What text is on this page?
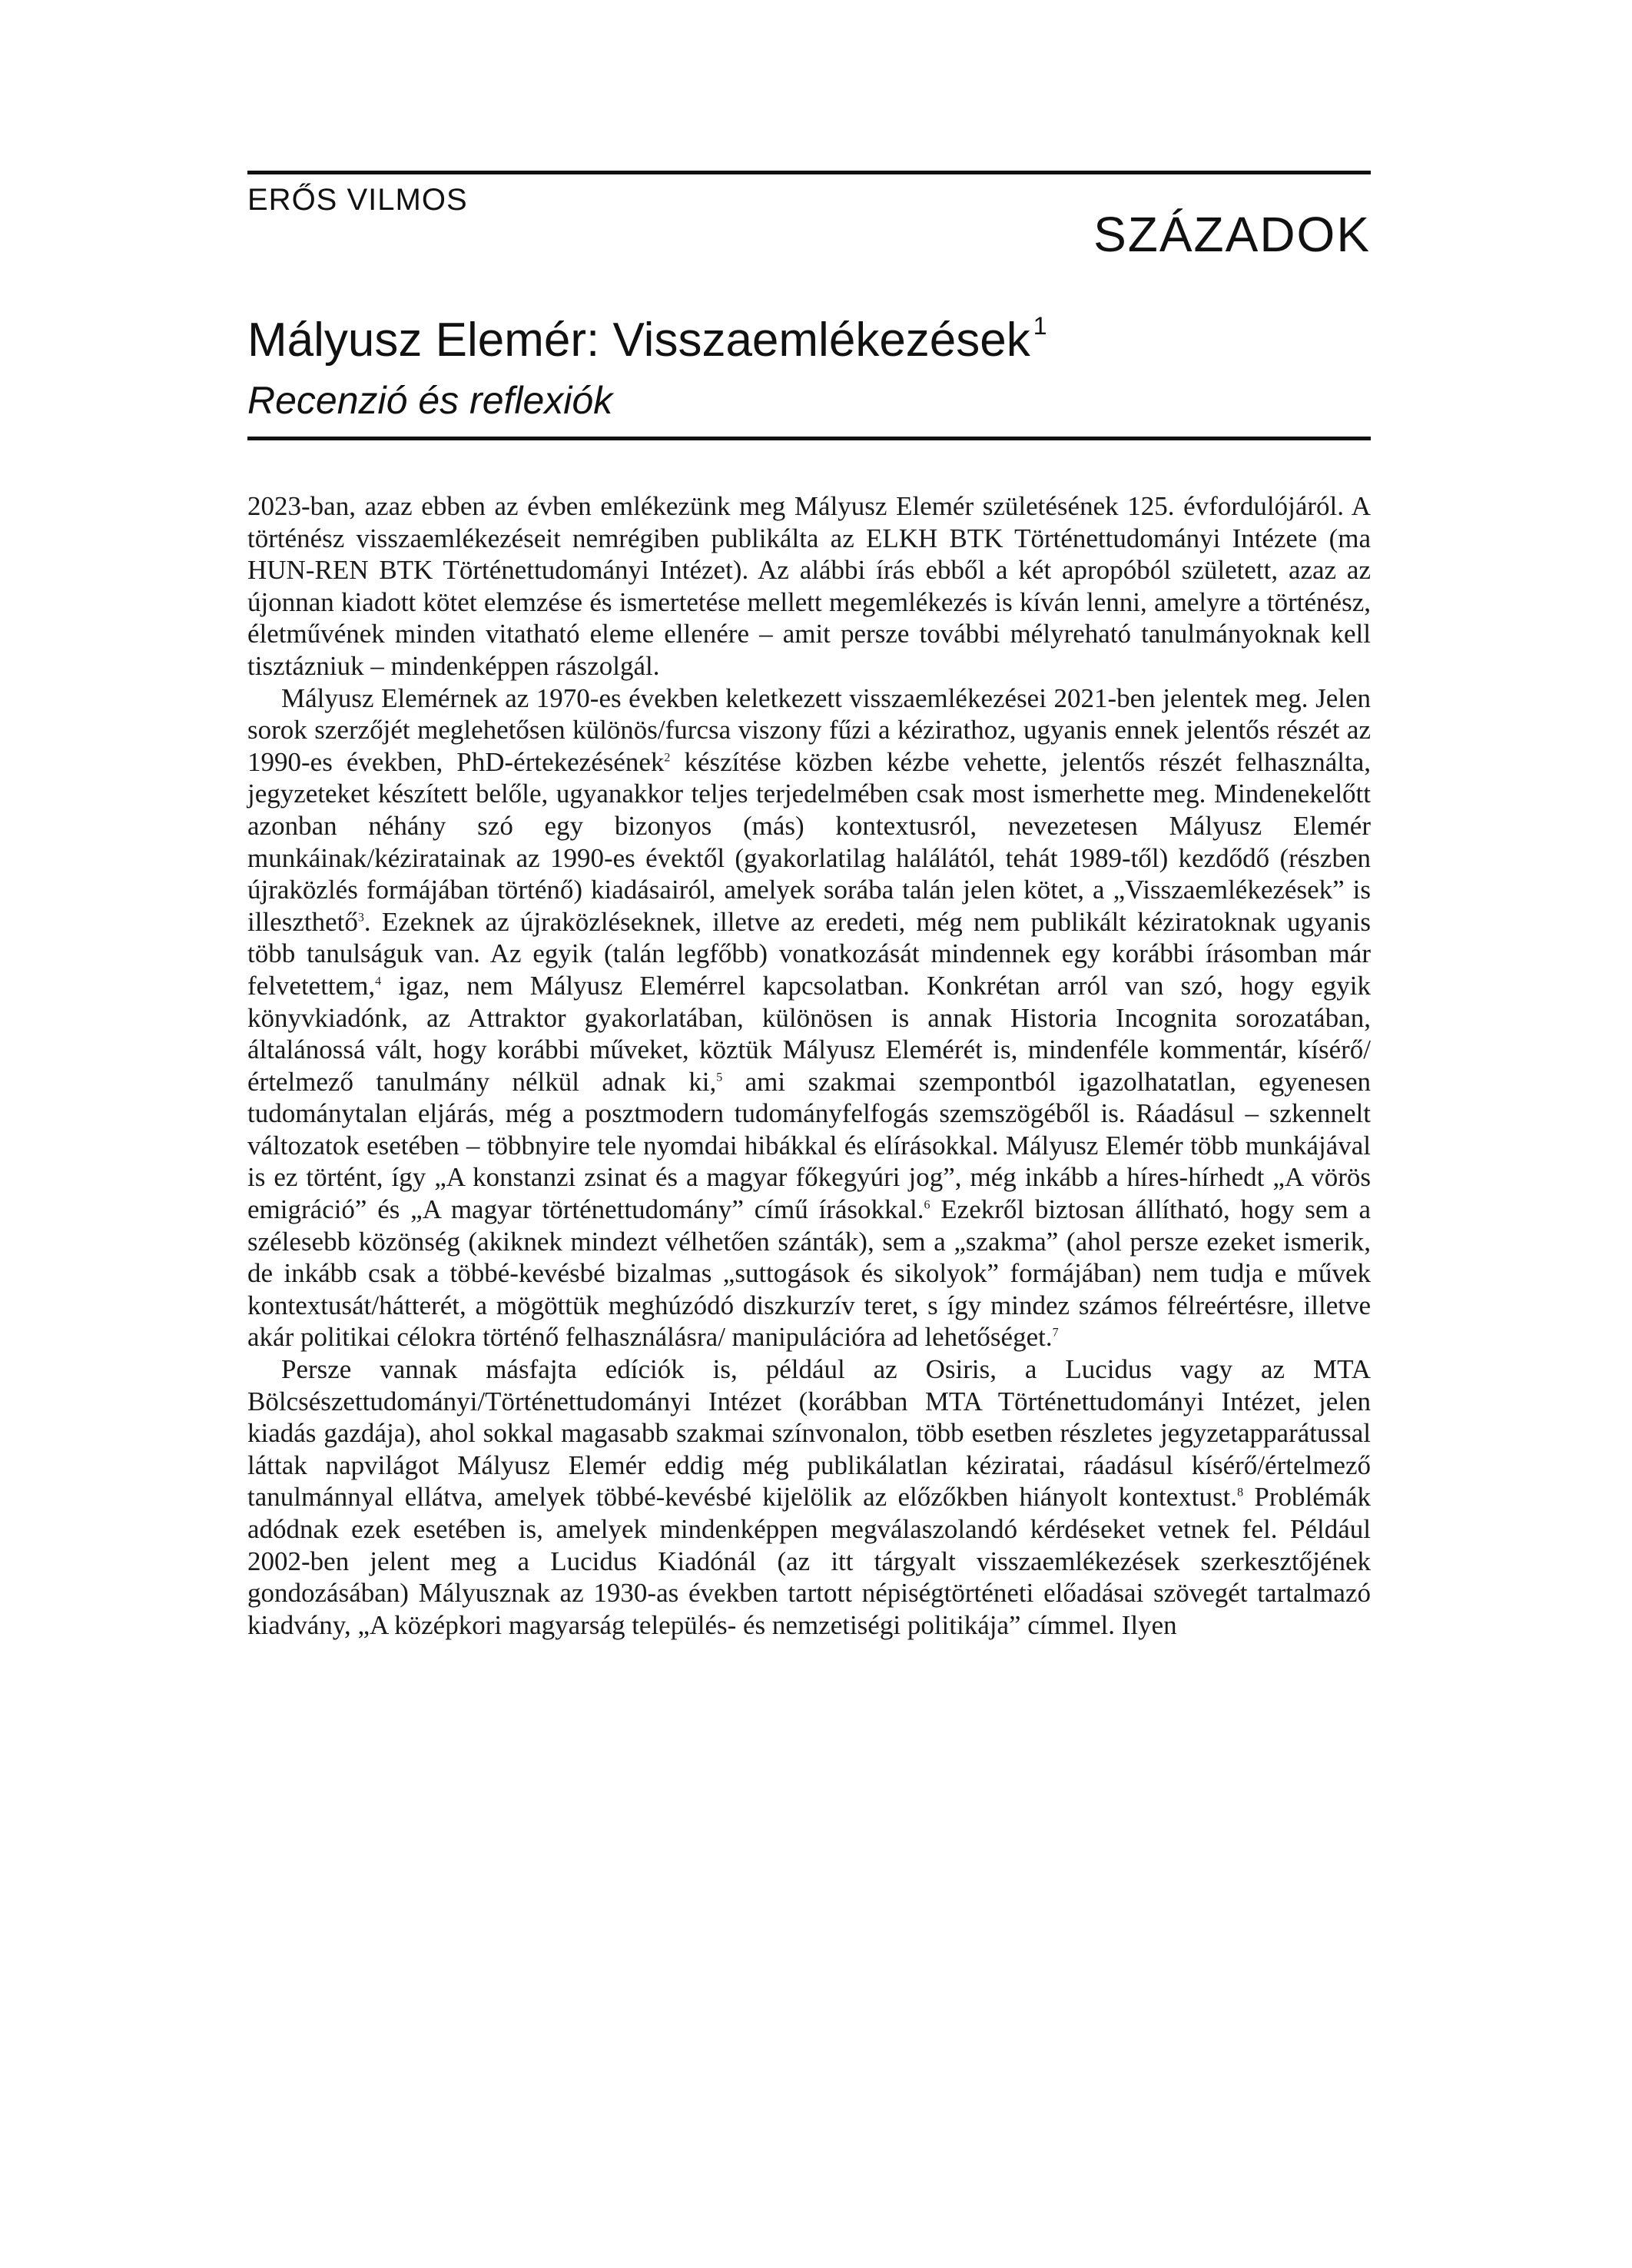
ERŐS VILMOS
SZÁZADOK
Mályusz Elemér: Visszaemlékezések $^1$
Recenzió és reflexiók

2023-ban, azaz ebben az évben emlékezünk meg Mályusz Elemér születésének 125. évfordulójáról. A történész visszaemlékezéseit nemrégiben publikálta az ELKH BTK Történettudományi Intézete (ma HUN-REN BTK Történettudományi Intézet). Az alábbi írás ebből a két apropóból született, azaz az újonnan kiadott kötet elemzése és ismertetése mellett megemlékezés is kíván lenni, amelyre a történész, életművének minden vitatható eleme ellenére – amit persze további mélyreható tanulmányoknak kell tisztázniuk – mindenképpen rászolgál.

Mályusz Elemérnek az 1970-es években keletkezett visszaemlékezései 2021-ben jelentek meg. Jelen sorok szerzőjét meglehetősen különös/furcsa viszony fűzi a kézirathoz, ugyanis ennek jelentős részét az 1990-es években, PhD-értekezésének$^2$ készítése közben kézbe vehette, jelentős részét felhasználta, jegyzeteket készített belőle, ugyanakkor teljes terjedelmében csak most ismerhette meg. Mindenekelőtt azonban néhány szó egy bizonyos (más) kontextusról, nevezetesen Mályusz Elemér munkáinak/kéziratainak az 1990-es évektől (gyakorlatilag halálától, tehát 1989-től) kezdődő (részben újraközlés formájában történő) kiadásairól, amelyek sorába talán jelen kötet, a „Visszaemlékezések” is illeszthető$^3$. Ezeknek az újraközléseknek, illetve az eredeti, még nem publikált kéziratoknak ugyanis több tanulságuk van. Az egyik (talán legfőbb) vonatkozását mindennek egy korábbi írásomban már felvetettem,$^4$ igaz, nem Mályusz Elemérrel kapcsolatban. Konkrétan arról van szó, hogy egyik könyvkiadónk, az Attraktor gyakorlatában, különösen is annak Historia Incognita sorozatában, általánossá vált, hogy korábbi műveket, köztük Mályusz Elemérét is, mindenféle kommentár, kísérő/értelmező tanulmány nélkül adnak ki,$^5$ ami szakmai szempontból igazolhatatlan, egyenesen tudománytalan eljárás, még a posztmodern tudományfelfogás szemszögéből is. Ráadásul – szkennelt változatok esetében – többnyire tele nyomdai hibákkal és elírásokkal. Mályusz Elemér több munkájával is ez történt, így „A konstanzi zsinat és a magyar főkegyúri jog”, még inkább a híres-hírhedt „A vörös emigráció” és „A magyar történettudomány” című írásokkal.$^6$ Ezekről biztosan állítható, hogy sem a szélesebb közönség (akiknek mindezt vélhetően szánták), sem a „szakma” (ahol persze ezeket ismerik, de inkább csak a többé-kevésbé bizalmas „suttogások és sikolyok” formájában) nem tudja e művek kontextusát/hátterét, a mögöttük meghúzódó diszkurzív teret, s így mindez számos félreértésre, illetve akár politikai célokra történő felhasználásra/ manipulációra ad lehetőséget.$^7$

Persze vannak másfajta edíciók is, például az Osiris, a Lucidus vagy az MTA Bölcsészettudományi/Történettudományi Intézet (korábban MTA Történettudományi Intézet, jelen kiadás gazdája), ahol sokkal magasabb szakmai színvonalon, több esetben részletes jegyzetapparátussal láttak napvilágot Mályusz Elemér eddig még publikálatlan kéziratai, ráadásul kísérő/értelmező tanulmánnyal ellátva, amelyek többé-kevésbé kijelölik az előzőkben hiányolt kontextust.$^8$ Problémák adódnak ezek esetében is, amelyek mindenképpen megválaszolandó kérdéseket vetnek fel. Például 2002-ben jelent meg a Lucidus Kiadónál (az itt tárgyalt visszaemlékezések szerkesztőjének gondozásában) Mályusznak az 1930-as években tartott népiségtörténeti előadásai szövegét tartalmazó kiadvány, „A középkori magyarság település- és nemzetiségi politikája” címmel. Ilyen
